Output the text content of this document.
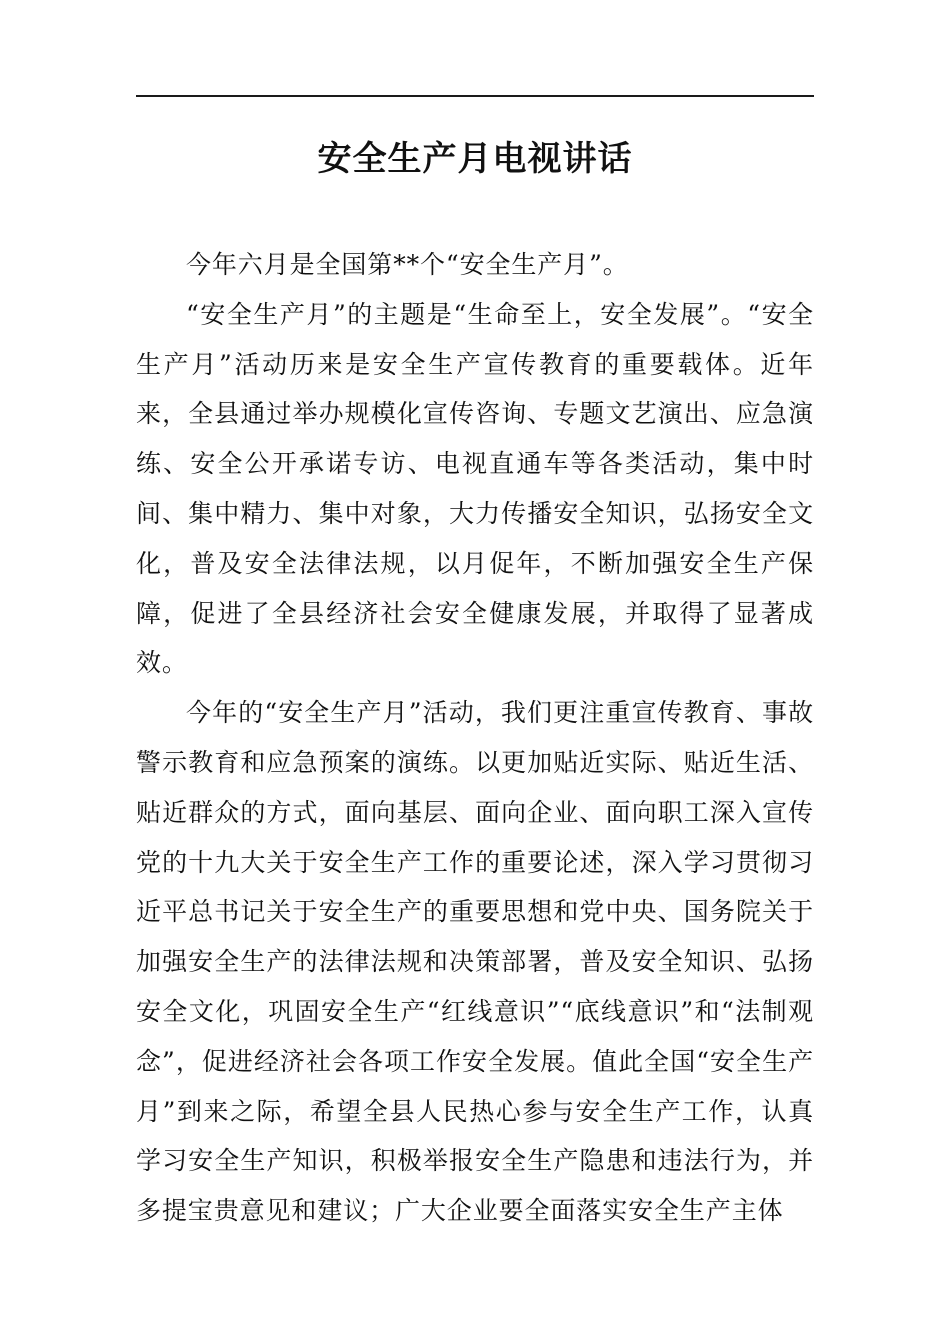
安全生产月电视讲话

今年六月是全国第**个“安全生产月”。

“安全生产月”的主题是“生命至上，安全发展”。“安全生产月”活动历来是安全生产宣传教育的重要载体。近年来，全县通过举办规模化宣传咨询、专题文艺演出、应急演练、安全公开承诺专访、电视直通车等各类活动，集中时间、集中精力、集中对象，大力传播安全知识，弘扬安全文化，普及安全法律法规，以月促年，不断加强安全生产保障，促进了全县经济社会安全健康发展，并取得了显著成效。

今年的“安全生产月”活动，我们更注重宣传教育、事故警示教育和应急预案的演练。以更加贴近实际、贴近生活、贴近群众的方式，面向基层、面向企业、面向职工深入宣传党的十九大关于安全生产工作的重要论述，深入学习贯彻习近平总书记关于安全生产的重要思想和党中央、国务院关于加强安全生产的法律法规和决策部署，普及安全知识、弘扬安全文化，巩固安全生产“红线意识”“底线意识”和“法制观念”，促进经济社会各项工作安全发展。值此全国“安全生产月”到来之际，希望全县人民热心参与安全生产工作，认真学习安全生产知识，积极举报安全生产隐患和违法行为，并多提宝贵意见和建议；广大企业要全面落实安全生产主体
